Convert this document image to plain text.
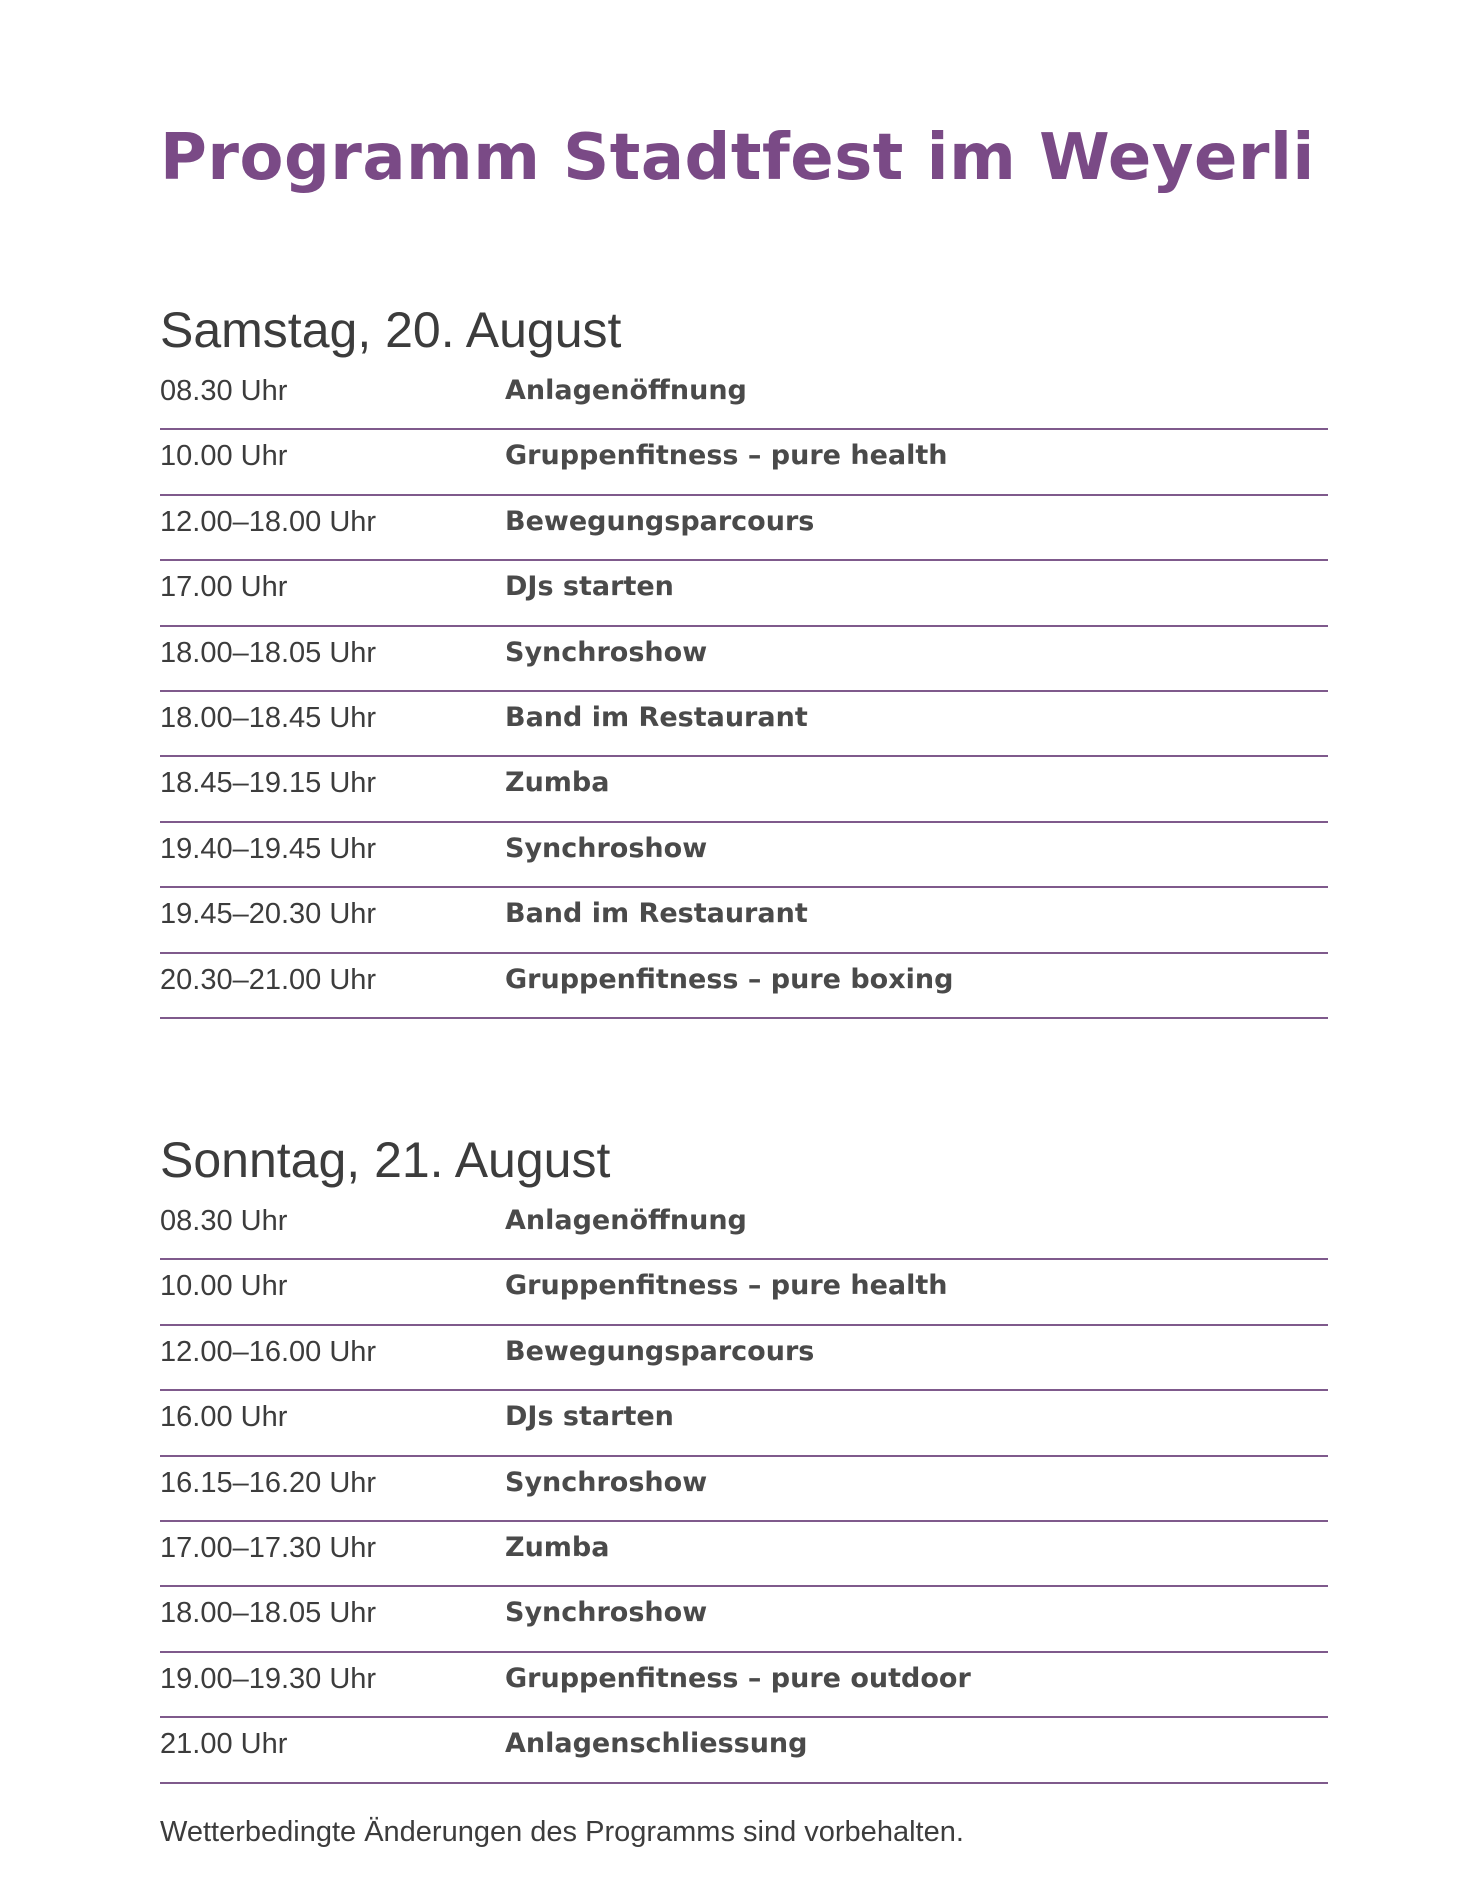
Programm Stadtfest im Weyerli
Samstag, 20. August
08.30 Uhr	Anlagenöffnung
10.00 Uhr	Gruppenfitness – pure health
12.00–18.00 Uhr	Bewegungsparcours
17.00 Uhr	DJs starten
18.00–18.05 Uhr	Synchroshow
18.00–18.45 Uhr	Band im Restaurant
18.45–19.15 Uhr	Zumba
19.40–19.45 Uhr	Synchroshow
19.45–20.30 Uhr	Band im Restaurant
20.30–21.00 Uhr	Gruppenfitness – pure boxing
Sonntag, 21. August
08.30 Uhr	Anlagenöffnung
10.00 Uhr	Gruppenfitness – pure health
12.00–16.00 Uhr	Bewegungsparcours
16.00 Uhr	DJs starten
16.15–16.20 Uhr	Synchroshow
17.00–17.30 Uhr	Zumba
18.00–18.05 Uhr	Synchroshow
19.00–19.30 Uhr	Gruppenfitness – pure outdoor
21.00 Uhr	Anlagenschliessung

Wetterbedingte Änderungen des Programms sind vorbehalten.
